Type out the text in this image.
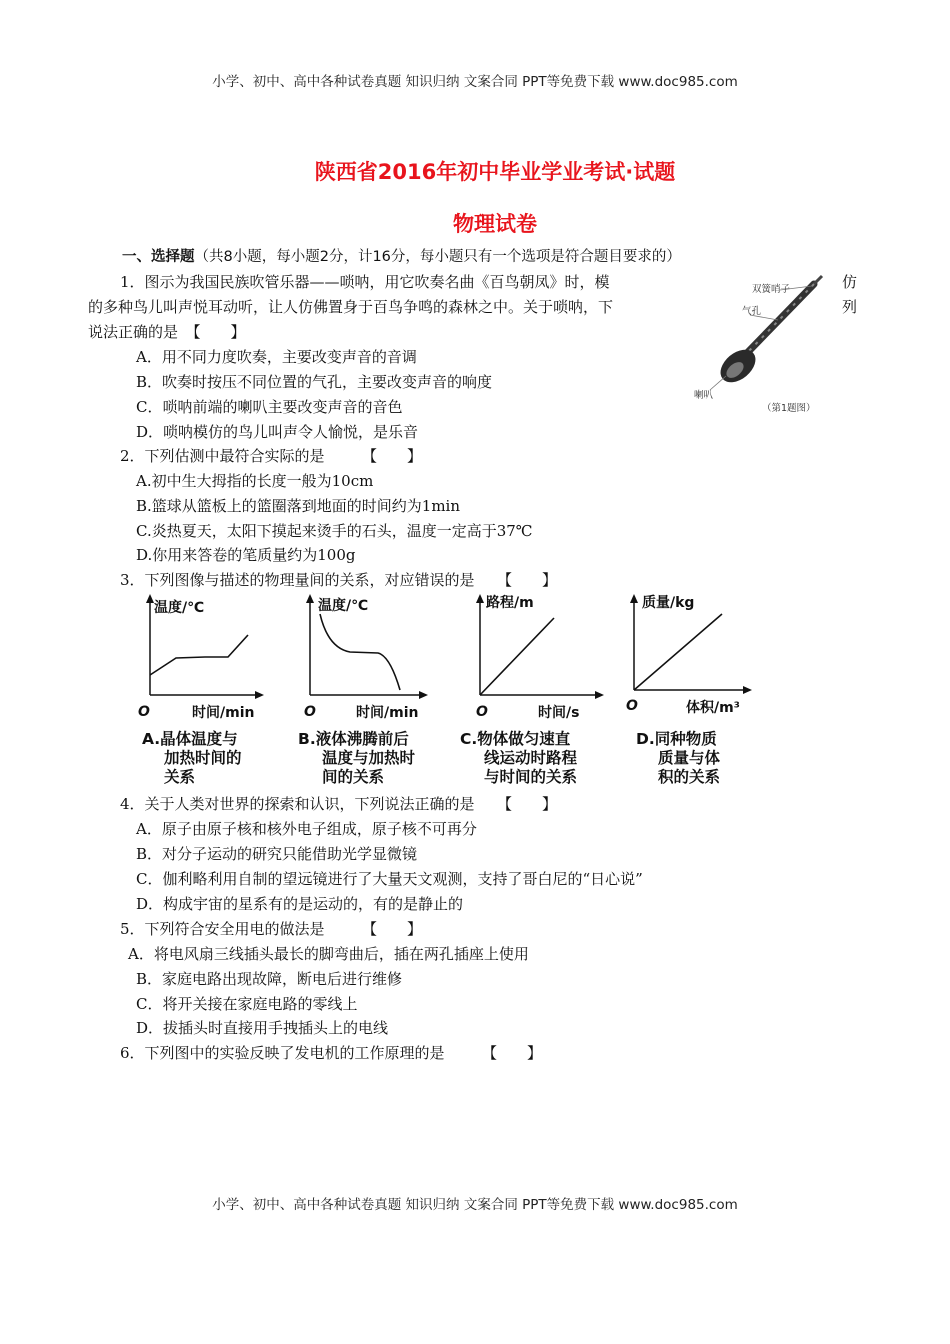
小学、初中、高中各种试卷真题 知识归纳 文案合同 PPT等免费下载 www.doc985.com
陕西省2016年初中毕业学业考试·试题
物理试卷
一、选择题（共8小题，每小题2分，计16分，每小题只有一个选项是符合题目要求的）
1．图示为我国民族吹管乐器——唢呐，用它吹奏名曲《百鸟朝凤》时，模	仿
的多种鸟儿叫声悦耳动听，让人仿佛置身于百鸟争鸣的森林之中。关于唢呐，下	列
说法正确的是　【　　】
A．用不同力度吹奏，主要改变声音的音调
B．吹奏时按压不同位置的气孔，主要改变声音的响度
C．唢呐前端的喇叭主要改变声音的音色
D．唢呐模仿的鸟儿叫声令人愉悦，是乐音
双簧哨子
气孔
喇叭
（第1题图）
2．下列估测中最符合实际的是　　　【　　】
A.初中生大拇指的长度一般为10cm
B.篮球从篮板上的篮圈落到地面的时间约为1min
C.炎热夏天，太阳下摸起来烫手的石头，温度一定高于37℃
D.你用来答卷的笔质量约为100g
3．下列图像与描述的物理量间的关系，对应错误的是　　【　　】
温度/℃
时间/min
O
A.晶体温度与
加热时间的
关系
温度/℃
时间/min
O
B.液体沸腾前后
温度与加热时
间的关系
路程/m
时间/s
O
C.物体做匀速直
线运动时路程
与时间的关系
质量/kg
体积/m³
O
D.同种物质
质量与体
积的关系
4．关于人类对世界的探索和认识，下列说法正确的是　　【　　】
A．原子由原子核和核外电子组成，原子核不可再分
B．对分子运动的研究只能借助光学显微镜
C．伽利略利用自制的望远镜进行了大量天文观测，支持了哥白尼的“日心说”
D．构成宇宙的星系有的是运动的，有的是静止的
5．下列符合安全用电的做法是　　　【　　】
A．将电风扇三线插头最长的脚弯曲后，插在两孔插座上使用
B．家庭电路出现故障，断电后进行维修
C．将开关接在家庭电路的零线上
D．拔插头时直接用手拽插头上的电线
6．下列图中的实验反映了发电机的工作原理的是　　　【　　】
小学、初中、高中各种试卷真题 知识归纳 文案合同 PPT等免费下载 www.doc985.com
